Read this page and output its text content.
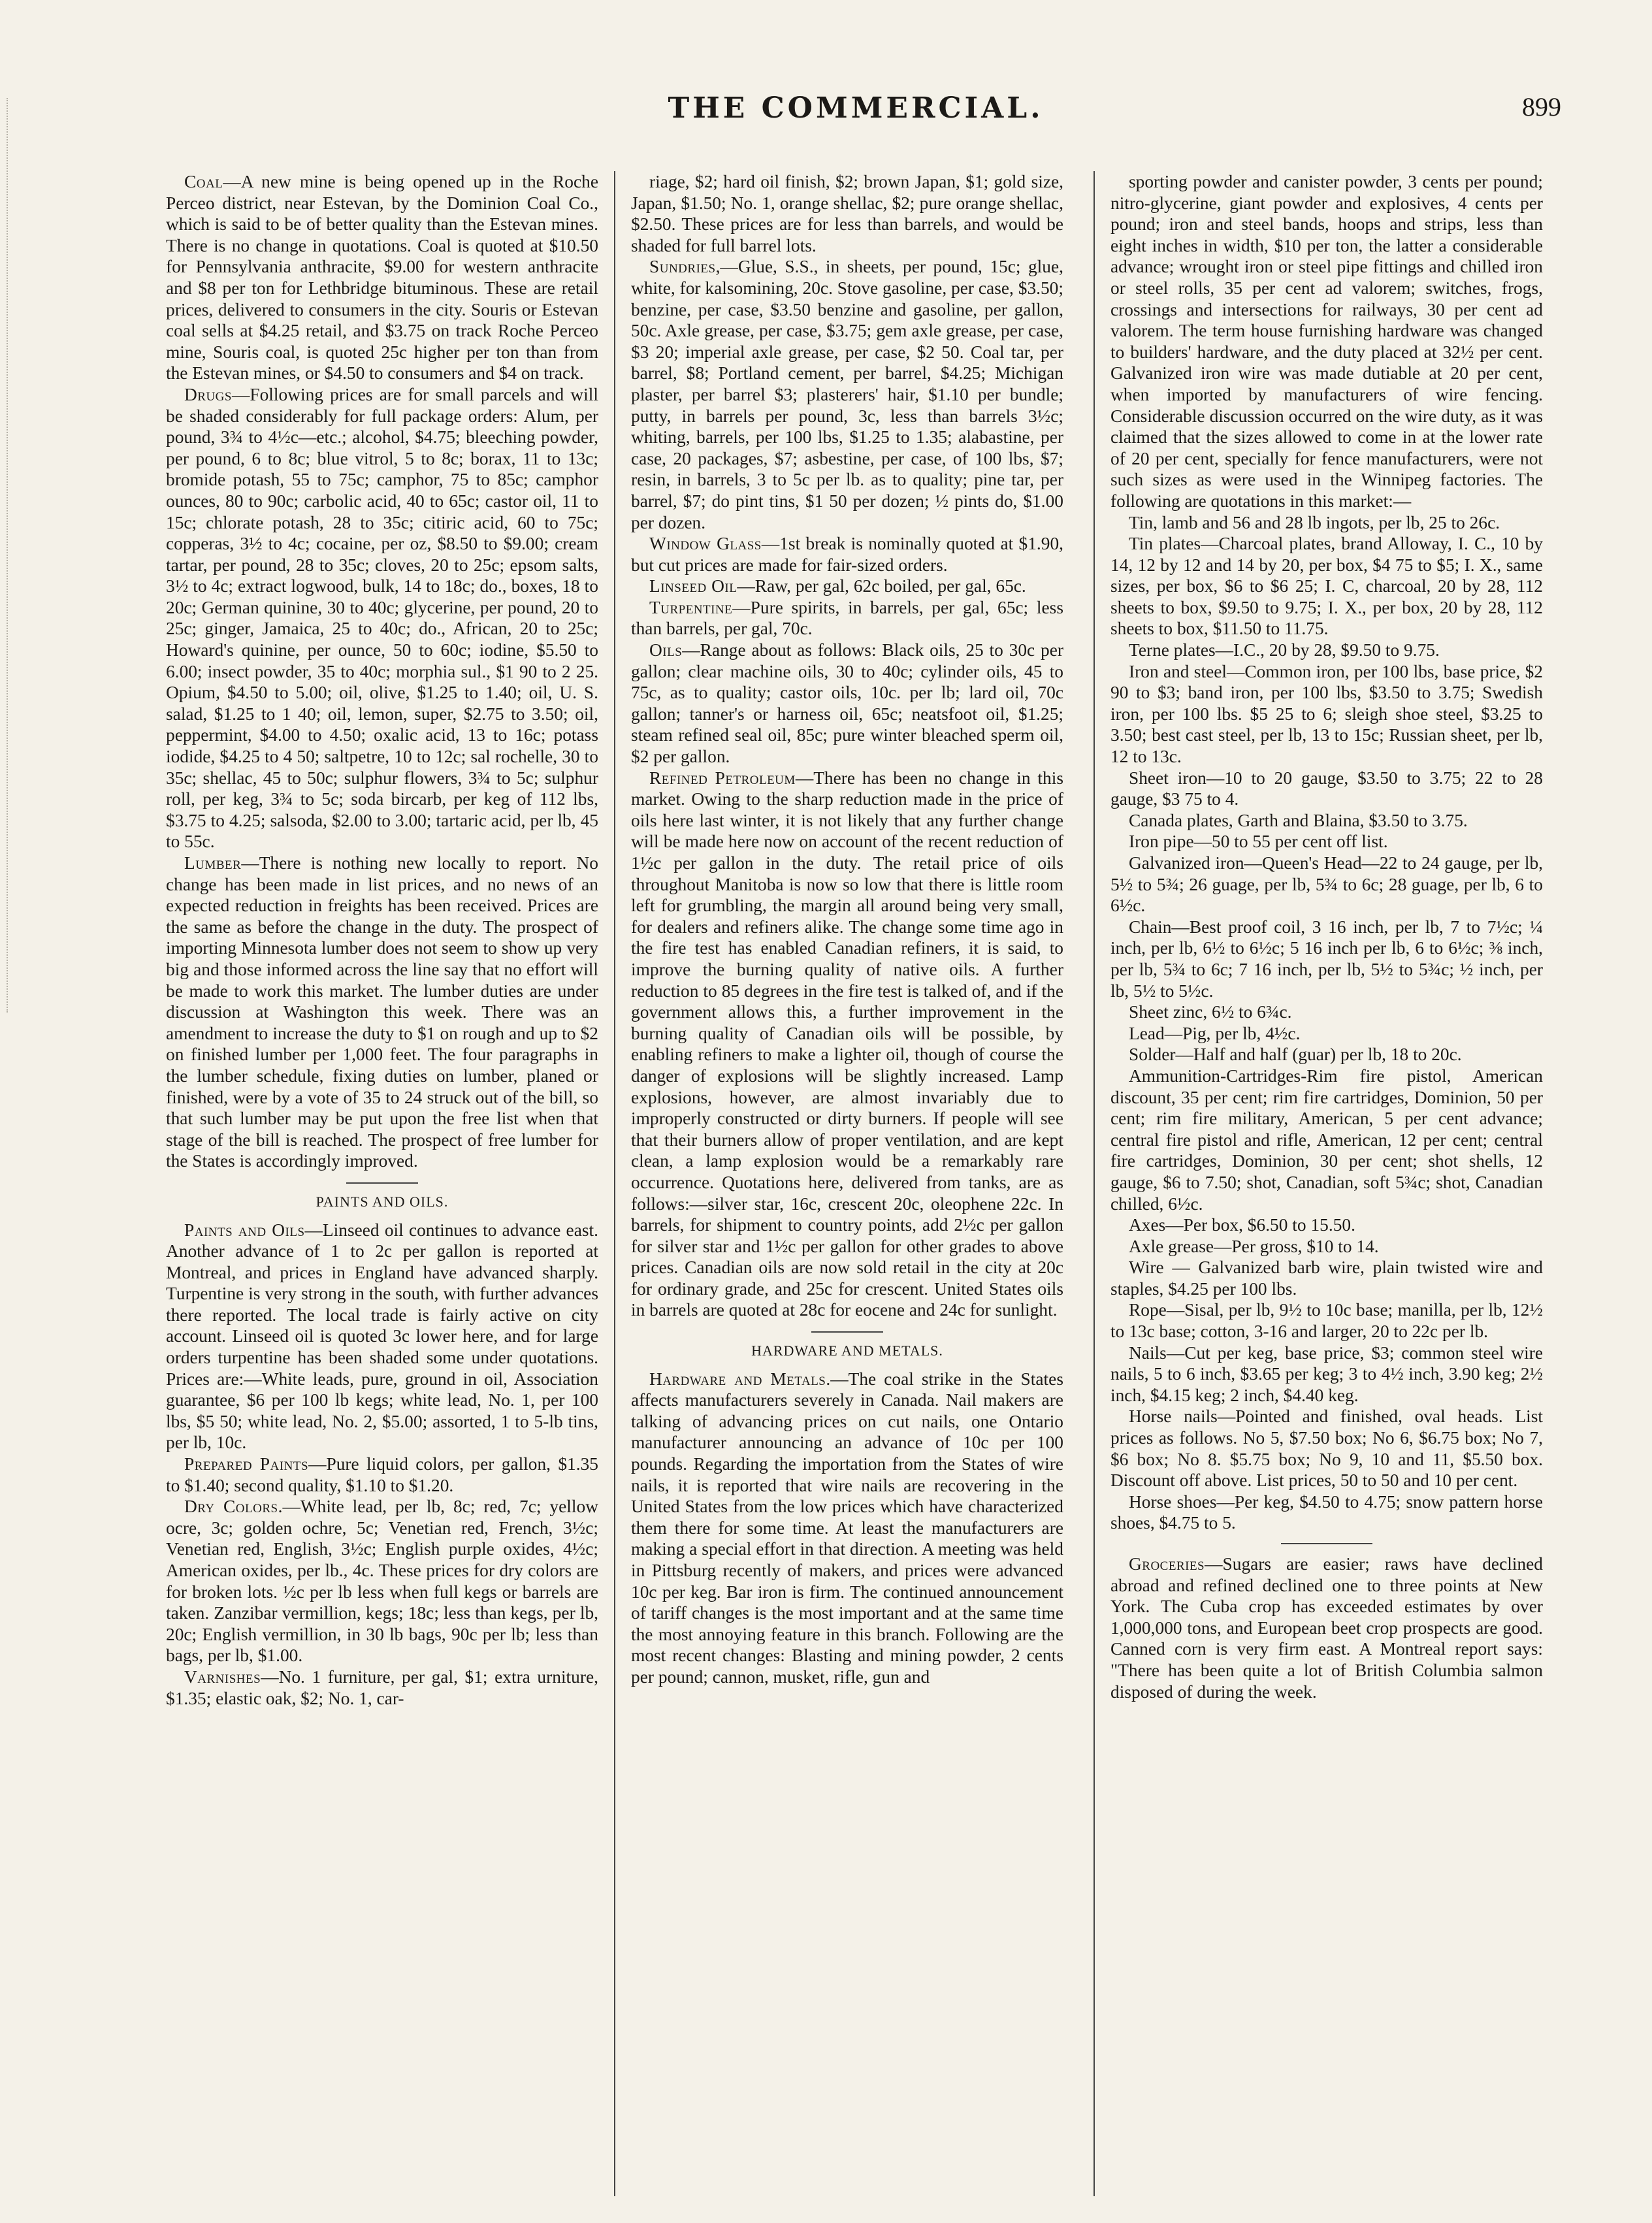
THE COMMERCIAL.	899

Coal—A new mine is being opened up in the Roche Perceo district, near Estevan, by the Dominion Coal Co., which is said to be of better quality than the Estevan mines. There is no change in quotations. Coal is quoted at $10.50 for Pennsylvania anthracite, $9.00 for western anthracite and $8 per ton for Lethbridge bituminous. These are retail prices, delivered to consumers in the city. Souris or Estevan coal sells at $4.25 retail, and $3.75 on track Roche Perceo mine, Souris coal, is quoted 25c higher per ton than from the Estevan mines, or $4.50 to consumers and $4 on track.

Drugs—Following prices are for small parcels and will be shaded considerably for full package orders: Alum, per pound, 3¾ to 4½c—etc.; alcohol, $4.75; bleeching powder, per pound, 6 to 8c; blue vitrol, 5 to 8c; borax, 11 to 13c; bromide potash, 55 to 75c; camphor, 75 to 85c; camphor ounces, 80 to 90c; carbolic acid, 40 to 65c; castor oil, 11 to 15c; chlorate potash, 28 to 35c; citiric acid, 60 to 75c; copperas, 3½ to 4c; cocaine, per oz, $8.50 to $9.00; cream tartar, per pound, 28 to 35c; cloves, 20 to 25c; epsom salts, 3½ to 4c; extract logwood, bulk, 14 to 18c; do., boxes, 18 to 20c; German quinine, 30 to 40c; glycerine, per pound, 20 to 25c; ginger, Jamaica, 25 to 40c; do., African, 20 to 25c; Howard's quinine, per ounce, 50 to 60c; iodine, $5.50 to 6.00; insect powder, 35 to 40c; morphia sul., $1 90 to 2 25. Opium, $4.50 to 5.00; oil, olive, $1.25 to 1.40; oil, U. S. salad, $1.25 to 1 40; oil, lemon, super, $2.75 to 3.50; oil, peppermint, $4.00 to 4.50; oxalic acid, 13 to 16c; potass iodide, $4.25 to 4 50; saltpetre, 10 to 12c; sal rochelle, 30 to 35c; shellac, 45 to 50c; sulphur flowers, 3¾ to 5c; sulphur roll, per keg, 3¾ to 5c; soda bircarb, per keg of 112 lbs, $3.75 to 4.25; salsoda, $2.00 to 3.00; tartaric acid, per lb, 45 to 55c.

Lumber—There is nothing new locally to report. No change has been made in list prices, and no news of an expected reduction in freights has been received. Prices are the same as before the change in the duty. The prospect of importing Minnesota lumber does not seem to show up very big and those informed across the line say that no effort will be made to work this market. The lumber duties are under discussion at Washington this week. There was an amendment to increase the duty to $1 on rough and up to $2 on finished lumber per 1,000 feet. The four paragraphs in the lumber schedule, fixing duties on lumber, planed or finished, were by a vote of 35 to 24 struck out of the bill, so that such lumber may be put upon the free list when that stage of the bill is reached. The prospect of free lumber for the States is accordingly improved.

PAINTS AND OILS.

Paints and Oils—Linseed oil continues to advance east. Another advance of 1 to 2c per gallon is reported at Montreal, and prices in England have advanced sharply. Turpentine is very strong in the south, with further advances there reported. The local trade is fairly active on city account. Linseed oil is quoted 3c lower here, and for large orders turpentine has been shaded some under quotations. Prices are:—White leads, pure, ground in oil, Association guarantee, $6 per 100 lb kegs; white lead, No. 1, per 100 lbs, $5 50; white lead, No. 2, $5.00; assorted, 1 to 5-lb tins, per lb, 10c.

Prepared Paints—Pure liquid colors, per gallon, $1.35 to $1.40; second quality, $1.10 to $1.20.

Dry Colors.—White lead, per lb, 8c; red, 7c; yellow ocre, 3c; golden ochre, 5c; Venetian red, French, 3½c; Venetian red, English, 3½c; English purple oxides, 4½c; American oxides, per lb., 4c. These prices for dry colors are for broken lots. ½c per lb less when full kegs or barrels are taken. Zanzibar vermillion, kegs; 18c; less than kegs, per lb, 20c; English vermillion, in 30 lb bags, 90c per lb; less than bags, per lb, $1.00.

Varnishes—No. 1 furniture, per gal, $1; extra urniture, $1.35; elastic oak, $2; No. 1, car-

riage, $2; hard oil finish, $2; brown Japan, $1; gold size, Japan, $1.50; No. 1, orange shellac, $2; pure orange shellac, $2.50. These prices are for less than barrels, and would be shaded for full barrel lots.

Sundries,—Glue, S.S., in sheets, per pound, 15c; glue, white, for kalsomining, 20c. Stove gasoline, per case, $3.50; benzine, per case, $3.50 benzine and gasoline, per gallon, 50c. Axle grease, per case, $3.75; gem axle grease, per case, $3 20; imperial axle grease, per case, $2 50. Coal tar, per barrel, $8; Portland cement, per barrel, $4.25; Michigan plaster, per barrel $3; plasterers' hair, $1.10 per bundle; putty, in barrels per pound, 3c, less than barrels 3½c; whiting, barrels, per 100 lbs, $1.25 to 1.35; alabastine, per case, 20 packages, $7; asbestine, per case, of 100 lbs, $7; resin, in barrels, 3 to 5c per lb. as to quality; pine tar, per barrel, $7; do pint tins, $1 50 per dozen; ½ pints do, $1.00 per dozen.

Window Glass—1st break is nominally quoted at $1.90, but cut prices are made for fair-sized orders.

Linseed Oil—Raw, per gal, 62c boiled, per gal, 65c.

Turpentine—Pure spirits, in barrels, per gal, 65c; less than barrels, per gal, 70c.

Oils—Range about as follows: Black oils, 25 to 30c per gallon; clear machine oils, 30 to 40c; cylinder oils, 45 to 75c, as to quality; castor oils, 10c. per lb; lard oil, 70c gallon; tanner's or harness oil, 65c; neatsfoot oil, $1.25; steam refined seal oil, 85c; pure winter bleached sperm oil, $2 per gallon.

Refined Petroleum—There has been no change in this market. Owing to the sharp reduction made in the price of oils here last winter, it is not likely that any further change will be made here now on account of the recent reduction of 1½c per gallon in the duty. The retail price of oils throughout Manitoba is now so low that there is little room left for grumbling, the margin all around being very small, for dealers and refiners alike. The change some time ago in the fire test has enabled Canadian refiners, it is said, to improve the burning quality of native oils. A further reduction to 85 degrees in the fire test is talked of, and if the government allows this, a further improvement in the burning quality of Canadian oils will be possible, by enabling refiners to make a lighter oil, though of course the danger of explosions will be slightly increased. Lamp explosions, however, are almost invariably due to improperly constructed or dirty burners. If people will see that their burners allow of proper ventilation, and are kept clean, a lamp explosion would be a remarkably rare occurrence. Quotations here, delivered from tanks, are as follows:—silver star, 16c, crescent 20c, oleophene 22c. In barrels, for shipment to country points, add 2½c per gallon for silver star and 1½c per gallon for other grades to above prices. Canadian oils are now sold retail in the city at 20c for ordinary grade, and 25c for crescent. United States oils in barrels are quoted at 28c for eocene and 24c for sunlight.

HARDWARE AND METALS.

Hardware and Metals.—The coal strike in the States affects manufacturers severely in Canada. Nail makers are talking of advancing prices on cut nails, one Ontario manufacturer announcing an advance of 10c per 100 pounds. Regarding the importation from the States of wire nails, it is reported that wire nails are recovering in the United States from the low prices which have characterized them there for some time. At least the manufacturers are making a special effort in that direction. A meeting was held in Pittsburg recently of makers, and prices were advanced 10c per keg. Bar iron is firm. The continued announcement of tariff changes is the most important and at the same time the most annoying feature in this branch. Following are the most recent changes: Blasting and mining powder, 2 cents per pound; cannon, musket, rifle, gun and

sporting powder and canister powder, 3 cents per pound; nitro-glycerine, giant powder and explosives, 4 cents per pound; iron and steel bands, hoops and strips, less than eight inches in width, $10 per ton, the latter a considerable advance; wrought iron or steel pipe fittings and chilled iron or steel rolls, 35 per cent ad valorem; switches, frogs, crossings and intersections for railways, 30 per cent ad valorem. The term house furnishing hardware was changed to builders' hardware, and the duty placed at 32½ per cent. Galvanized iron wire was made dutiable at 20 per cent, when imported by manufacturers of wire fencing. Considerable discussion occurred on the wire duty, as it was claimed that the sizes allowed to come in at the lower rate of 20 per cent, specially for fence manufacturers, were not such sizes as were used in the Winnipeg factories. The following are quotations in this market:—

Tin, lamb and 56 and 28 lb ingots, per lb, 25 to 26c.

Tin plates—Charcoal plates, brand Alloway, I. C., 10 by 14, 12 by 12 and 14 by 20, per box, $4 75 to $5; I. X., same sizes, per box, $6 to $6 25; I. C, charcoal, 20 by 28, 112 sheets to box, $9.50 to 9.75; I. X., per box, 20 by 28, 112 sheets to box, $11.50 to 11.75.

Terne plates—I.C., 20 by 28, $9.50 to 9.75.

Iron and steel—Common iron, per 100 lbs, base price, $2 90 to $3; band iron, per 100 lbs, $3.50 to 3.75; Swedish iron, per 100 lbs. $5 25 to 6; sleigh shoe steel, $3.25 to 3.50; best cast steel, per lb, 13 to 15c; Russian sheet, per lb, 12 to 13c.

Sheet iron—10 to 20 gauge, $3.50 to 3.75; 22 to 28 gauge, $3 75 to 4.

Canada plates, Garth and Blaina, $3.50 to 3.75.

Iron pipe—50 to 55 per cent off list.

Galvanized iron—Queen's Head—22 to 24 gauge, per lb, 5½ to 5¾; 26 guage, per lb, 5¾ to 6c; 28 guage, per lb, 6 to 6½c.

Chain—Best proof coil, 3 16 inch, per lb, 7 to 7½c; ¼ inch, per lb, 6½ to 6½c; 5 16 inch per lb, 6 to 6½c; ⅜ inch, per lb, 5¾ to 6c; 7 16 inch, per lb, 5½ to 5¾c; ½ inch, per lb, 5½ to 5½c.

Sheet zinc, 6½ to 6¾c.

Lead—Pig, per lb, 4½c.

Solder—Half and half (guar) per lb, 18 to 20c.

Ammunition-Cartridges-Rim fire pistol, American discount, 35 per cent; rim fire cartridges, Dominion, 50 per cent; rim fire military, American, 5 per cent advance; central fire pistol and rifle, American, 12 per cent; central fire cartridges, Dominion, 30 per cent; shot shells, 12 gauge, $6 to 7.50; shot, Canadian, soft 5¾c; shot, Canadian chilled, 6½c.

Axes—Per box, $6.50 to 15.50.

Axle grease—Per gross, $10 to 14.

Wire — Galvanized barb wire, plain twisted wire and staples, $4.25 per 100 lbs.

Rope—Sisal, per lb, 9½ to 10c base; manilla, per lb, 12½ to 13c base; cotton, 3-16 and larger, 20 to 22c per lb.

Nails—Cut per keg, base price, $3; common steel wire nails, 5 to 6 inch, $3.65 per keg; 3 to 4½ inch, 3.90 keg; 2½ inch, $4.15 keg; 2 inch, $4.40 keg.

Horse nails—Pointed and finished, oval heads. List prices as follows. No 5, $7.50 box; No 6, $6.75 box; No 7, $6 box; No 8. $5.75 box; No 9, 10 and 11, $5.50 box. Discount off above. List prices, 50 to 50 and 10 per cent.

Horse shoes—Per keg, $4.50 to 4.75; snow pattern horse shoes, $4.75 to 5.

Groceries—Sugars are easier; raws have declined abroad and refined declined one to three points at New York. The Cuba crop has exceeded estimates by over 1,000,000 tons, and European beet crop prospects are good. Canned corn is very firm east. A Montreal report says: "There has been quite a lot of British Columbia salmon disposed of during the week.
